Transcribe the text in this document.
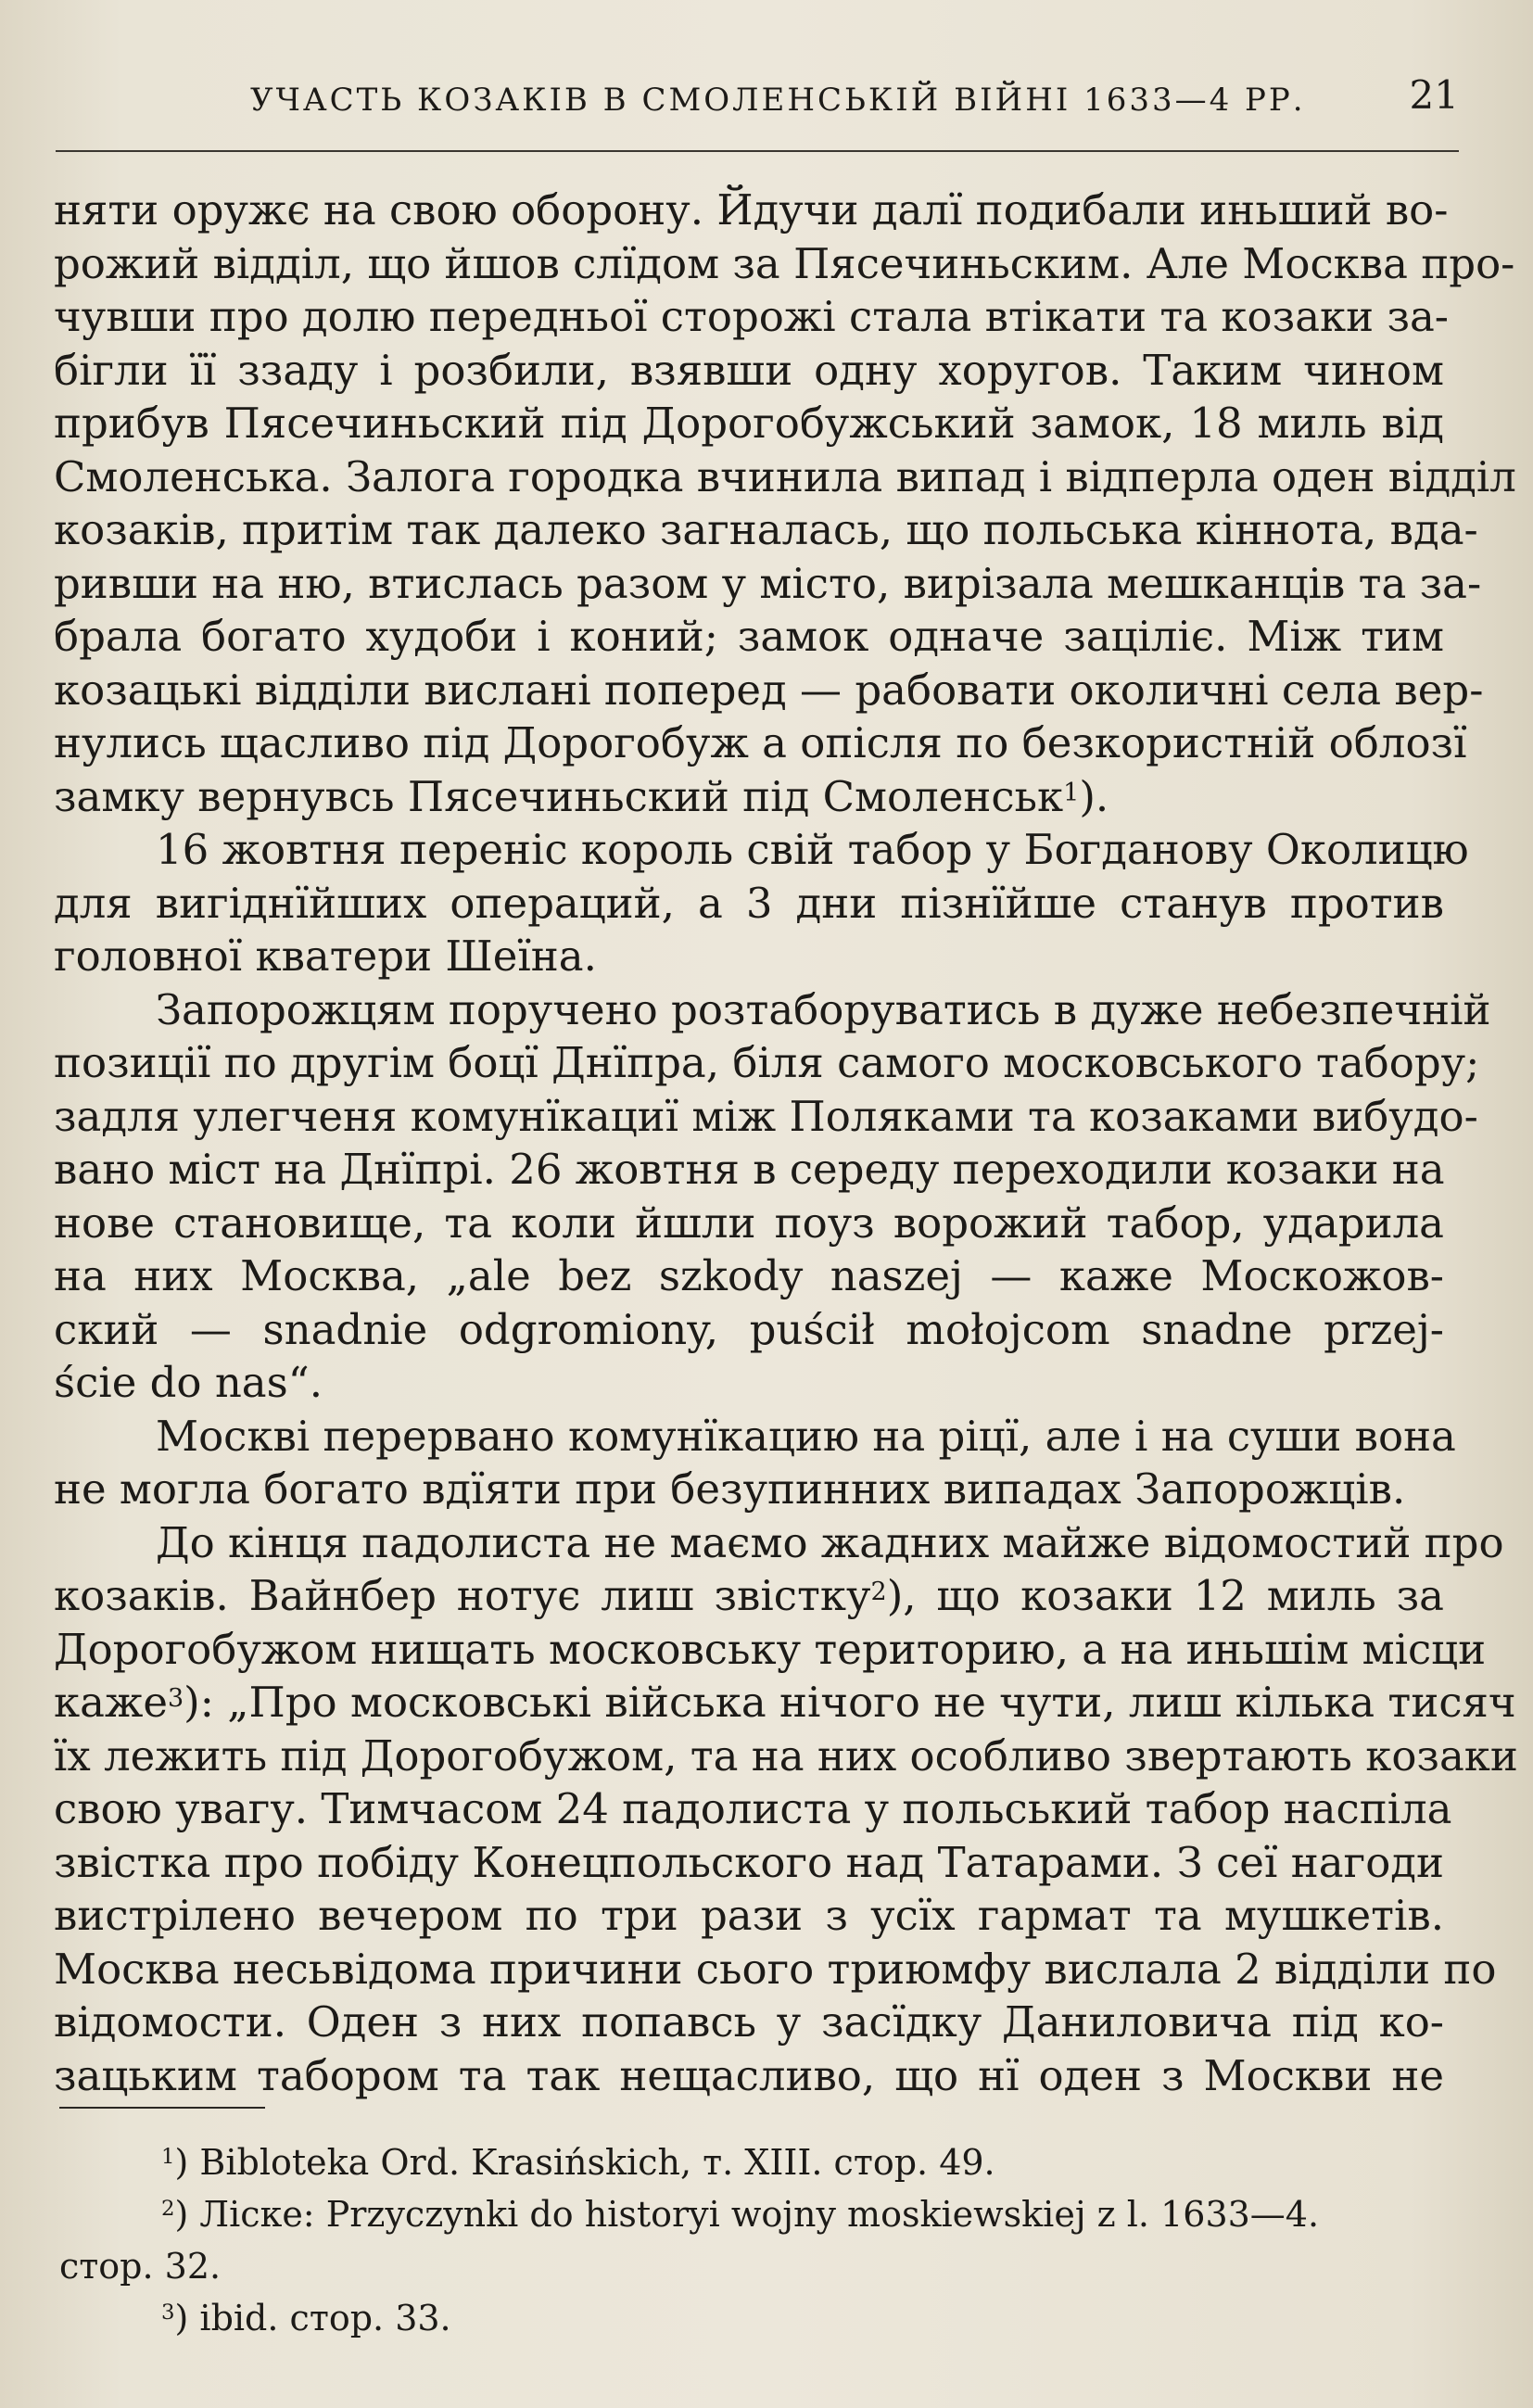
УЧАСТЬ КОЗАКІВ В СМОЛЕНСЬКІЙ ВІЙНІ 1633—4 РР.	21
няти оружє на свою оборону. Йдучи далї подибали иньший во-
рожий відділ, що йшов слїдом за Пясечиньским. Але Москва про-
чувши про долю передньої сторожі стала втікати та козаки за-
бігли її ззаду і розбили, взявши одну хоругов. Таким чином
прибув Пясечиньский під Дорогобужський замок, 18 миль від
Смоленська. Залога городка вчинила випад і відперла оден відділ
козаків, притім так далеко загналась, що польська кіннота, вда-
ривши на ню, втислась разом у місто, вирізала мешканців та за-
брала богато худоби і коний; замок одначе заціліє. Між тим
козацькі відділи вислані поперед — рабовати околичні села вер-
нулись щасливо під Дорогобуж а опісля по безкористній облозї
замку вернувсь Пясечиньский під Смоленськ$^1$).
16 жовтня переніс король свій табор у Богданову Околицю
для вигіднїйших операций, а 3 дни пізнїйше станув против
головної кватери Шеїна.
Запорожцям поручено розтаборуватись в дуже небезпечній
позиції по другім боцї Днїпра, біля самого московського табору;
задля улегченя комунїкациї між Поляками та козаками вибудо-
вано міст на Днїпрі. 26 жовтня в середу переходили козаки на
нове становище, та коли йшли поуз ворожий табор, ударила
на них Москва, „ale bez szkody naszej — каже Москожов-
ский — snadnie odgromiony, puścił mołojcom snadne przej-
ście do nas“.
Москві перервано комунїкацию на ріцї, але і на суши вона
не могла богато вдїяти при безупинних випадах Запорожців.
До кінця падолиста не маємо жадних майже відомостий про
козаків. Вайнбер нотує лиш звістку$^2$), що козаки 12 миль за
Дорогобужом нищать московську територию, а на иньшім місци
каже$^3$): „Про московські війська нічого не чути, лиш кілька тисяч
їх лежить під Дорогобужом, та на них особливо звертають козаки
свою увагу. Тимчасом 24 падолиста у польський табор наспіла
звістка про побіду Конецпольского над Татарами. З сеї нагоди
вистрілено вечером по три рази з усїх гармат та мушкетів.
Москва несьвідома причини сього триюмфу вислала 2 відділи по
відомости. Оден з них попавсь у засїдку Даниловича під ко-
зацьким табором та так нещасливо, що нї оден з Москви не
$^1$) Bibloteka Ord. Krasińskich, т. XIII. стор. 49.
$^2$) Ліске: Przyczynki do historyi wojny moskiewskiej z l. 1633—4.
стор. 32.
$^3$) ibid. стор. 33.
